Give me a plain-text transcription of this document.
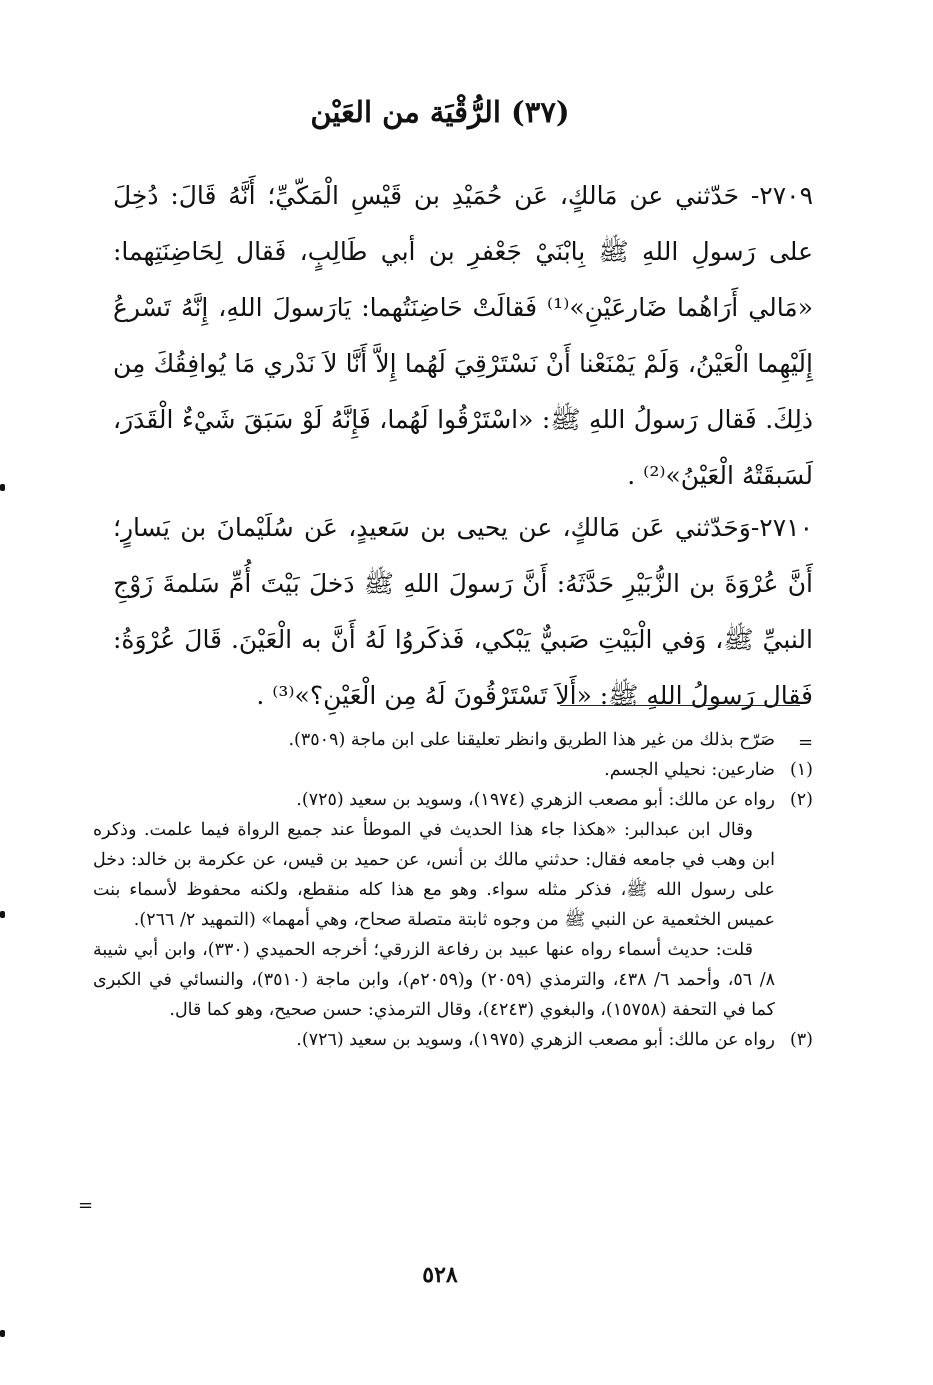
(٣٧) الرُّقْيَة من العَيْن

٢٧٠٩- حَدّثني عن مَالكٍ، عَن حُمَيْدِ بن قَيْسِ الْمَكّيِّ؛ أَنَّهُ قَالَ: دُخِلَ على رَسولِ اللهِ ﷺ بِابْنَيْ جَعْفرِ بن أبي طَالِبٍ، فَقال لِحَاضِنَتِهما: «مَالي أَرَاهُما ضَارعَيْنِ»⁽¹⁾ فَقالَتْ حَاضِنَتُهما: يَارَسولَ اللهِ، إِنَّهُ تَسْرعُ إِلَيْهِما الْعَيْنُ، وَلَمْ يَمْنَعْنا أَنْ نَسْتَرْقِيَ لَهُما إِلاَّ أَنَّا لاَ نَدْري مَا يُوافِقُكَ مِن ذلِكَ. فَقال رَسولُ اللهِ ﷺ: «اسْتَرْقُوا لَهُما، فَإِنَّهُ لَوْ سَبَقَ شَيْءٌ الْقَدَرَ، لَسَبقَتْهُ الْعَيْنُ»⁽²⁾ .

٢٧١٠-وَحَدّثني عَن مَالكٍ، عن يحيى بن سَعيدٍ، عَن سُلَيْمانَ بن يَسارٍ؛ أَنَّ عُرْوَةَ بن الزُّبَيْرِ حَدَّثَهُ: أَنَّ رَسولَ اللهِ ﷺ دَخلَ بَيْتَ أُمِّ سَلمةَ زَوْجِ النبيِّ ﷺ، وَفي الْبَيْتِ صَبيٌّ يَبْكي، فَذكَروُا لَهُ أَنَّ به الْعَيْنَ. قَالَ عُرْوَةُ: فَقال رَسولُ اللهِ ﷺ: «أَلاَ تَسْتَرْقُونَ لَهُ مِن الْعَيْنِ؟»⁽³⁾ .

=

صَرّح بذلك من غير هذا الطريق وانظر تعليقنا على ابن ماجة (٣٥٠٩).

(١)
ضارعين: نحيلي الجسم.

(٢)
رواه عن مالك: أبو مصعب الزهري (١٩٧٤)، وسويد بن سعيد (٧٢٥).

وقال ابن عبدالبر: «هكذا جاء هذا الحديث في الموطأ عند جميع الرواة فيما علمت. وذكره ابن وهب في جامعه فقال: حدثني مالك بن أنس، عن حميد بن قيس، عن عكرمة بن خالد: دخل على رسول الله ﷺ، فذكر مثله سواء. وهو مع هذا كله منقطع، ولكنه محفوظ لأسماء بنت عميس الخثعمية عن النبي ﷺ من وجوه ثابتة متصلة صحاح، وهي أمهما» (التمهيد ٢/ ٢٦٦).

قلت: حديث أسماء رواه عنها عبيد بن رفاعة الزرقي؛ أخرجه الحميدي (٣٣٠)، وابن أبي شيبة ٨/ ٥٦، وأحمد ٦/ ٤٣٨، والترمذي (٢٠٥٩) و(٢٠٥٩م)، وابن ماجة (٣٥١٠)، والنسائي في الكبرى كما في التحفة (١٥٧٥٨)، والبغوي (٤٢٤٣)، وقال الترمذي: حسن صحيح، وهو كما قال.

(٣)
رواه عن مالك: أبو مصعب الزهري (١٩٧٥)، وسويد بن سعيد (٧٢٦).

=

٥٢٨
